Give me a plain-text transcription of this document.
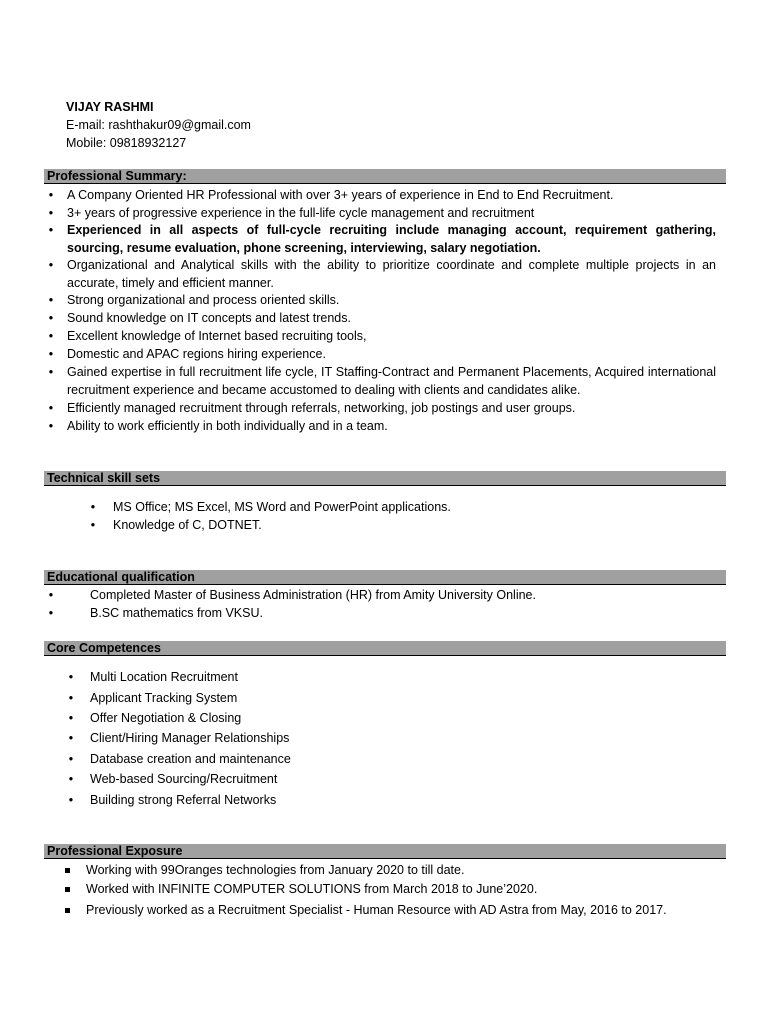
VIJAY RASHMI
E-mail: rashthakur09@gmail.com
Mobile: 09818932127
Professional Summary:
•	A Company Oriented HR Professional with over 3+ years of experience in End to End Recruitment.
•	3+ years of progressive experience in the full-life cycle management and recruitment
•	Experienced in all aspects of full-cycle recruiting include managing account, requirement gathering, sourcing, resume evaluation, phone screening, interviewing, salary negotiation.
•	Organizational and Analytical skills with the ability to prioritize coordinate and complete multiple projects in an accurate, timely and efficient manner.
•	Strong organizational and process oriented skills.
•	Sound knowledge on IT concepts and latest trends.
•	Excellent knowledge of Internet based recruiting tools,
•	Domestic and APAC regions hiring experience.
•	Gained expertise in full recruitment life cycle, IT Staffing-Contract and Permanent Placements, Acquired international recruitment experience and became accustomed to dealing with clients and candidates alike.
•	Efficiently managed recruitment through referrals, networking, job postings and user groups.
•	Ability to work efficiently in both individually and in a team.
Technical skill sets
•	MS Office; MS Excel, MS Word and PowerPoint applications.
•	Knowledge of C, DOTNET.
Educational qualification
•	Completed Master of Business Administration (HR) from Amity University Online.
•	B.SC mathematics from VKSU.
Core Competences
•	Multi Location Recruitment
•	Applicant Tracking System
•	Offer Negotiation & Closing
•	Client/Hiring Manager Relationships
•	Database creation and maintenance
•	Web-based Sourcing/Recruitment
•	Building strong Referral Networks
Professional Exposure
Working with 99Oranges technologies from January 2020 to till date.
Worked with INFINITE COMPUTER SOLUTIONS from March 2018 to June’2020.
Previously worked as a Recruitment Specialist - Human Resource with AD Astra from May, 2016 to 2017.
